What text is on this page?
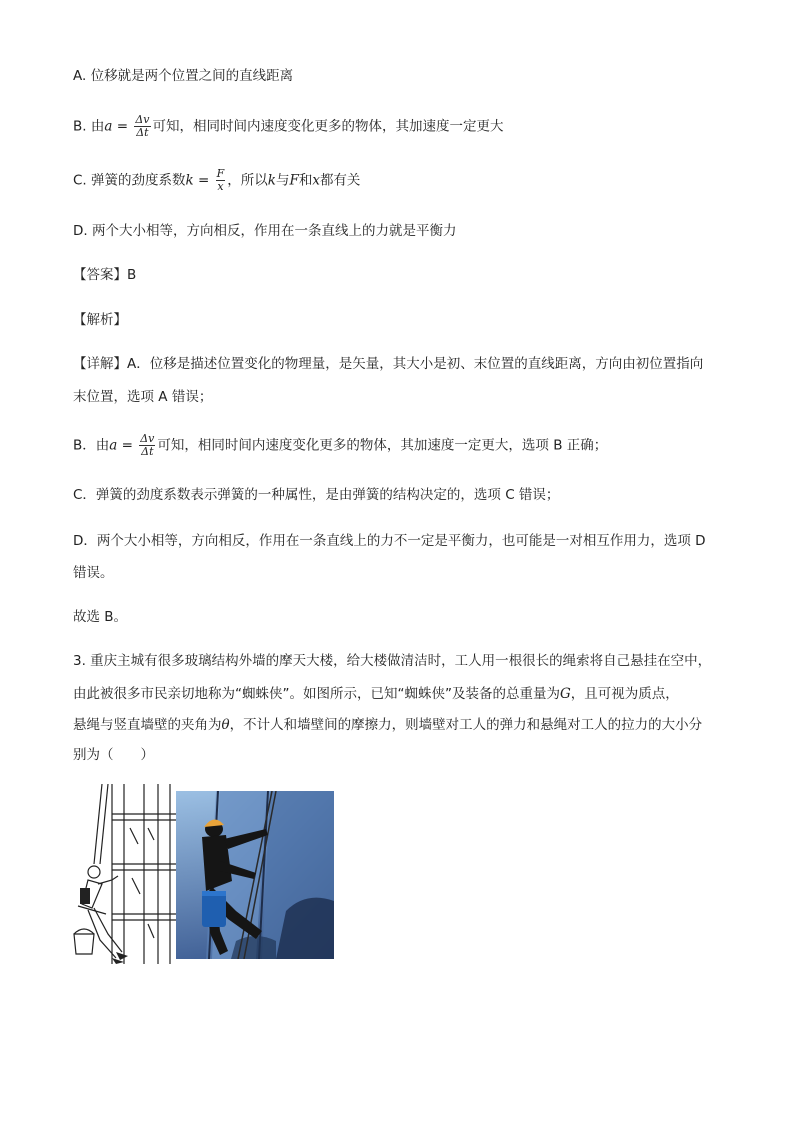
A. 位移就是两个位置之间的直线距离
B. 由$a = \frac{\Delta v}{\Delta t}$ 可知，相同时间内速度变化更多的物体，其加速度一定更大
C. 弹簧的劲度系数$k = \frac{F}{x}$ ，所以k与F和x都有关
D. 两个大小相等，方向相反，作用在一条直线上的力就是平衡力
【答案】B
【解析】
【详解】A．位移是描述位置变化的物理量，是矢量，其大小是初、末位置的直线距离，方向由初位置指向
末位置，选项 A 错误；
B．由$a = \frac{\Delta v}{\Delta t}$ 可知，相同时间内速度变化更多的物体，其加速度一定更大，选项 B 正确；
C．弹簧的劲度系数表示弹簧的一种属性，是由弹簧的结构决定的，选项 C 错误；
D．两个大小相等，方向相反，作用在一条直线上的力不一定是平衡力，也可能是一对相互作用力，选项 D
错误。
故选 B。
3. 重庆主城有很多玻璃结构外墙的摩天大楼，给大楼做清洁时，工人用一根很长的绳索将自己悬挂在空中，
由此被很多市民亲切地称为“蜘蛛侠”。如图所示，已知“蜘蛛侠”及装备的总重量为G，且可视为质点，
悬绳与竖直墙壁的夹角为θ，不计人和墙壁间的摩擦力，则墙壁对工人的弹力和悬绳对工人的拉力的大小分
别为（　　）
